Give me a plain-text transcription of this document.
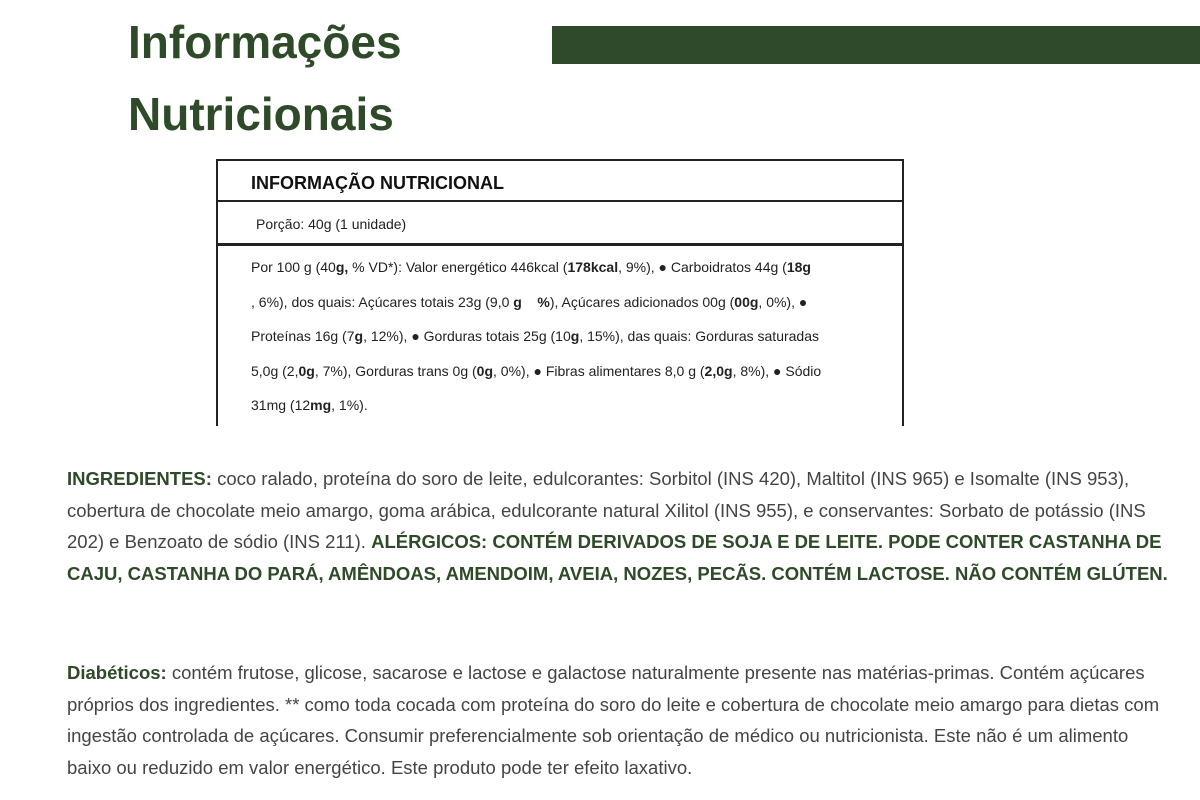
Informações
Nutricionais
INFORMAÇÃO NUTRICIONAL
Porção: 40g (1 unidade)
Por 100 g (40g, % VD*): Valor energético 446kcal (178kcal, 9%), ● Carboidratos 44g (18g
, 6%), dos quais: Açúcares totais 23g (9,0 g %), Açúcares adicionados 00g (00g, 0%), ●
Proteínas 16g (7g, 12%), ● Gorduras totais 25g (10g, 15%), das quais: Gorduras saturadas
5,0g (2,0g, 7%), Gorduras trans 0g (0g, 0%), ● Fibras alimentares 8,0 g (2,0g, 8%), ● Sódio
31mg (12mg, 1%).
INGREDIENTES: coco ralado, proteína do soro de leite, edulcorantes: Sorbitol (INS 420), Maltitol (INS 965) e Isomalte (INS 953), cobertura de chocolate meio amargo, goma arábica, edulcorante natural Xilitol (INS 955), e conservantes: Sorbato de potássio (INS 202) e Benzoato de sódio (INS 211). ALÉRGICOS: CONTÉM DERIVADOS DE SOJA E DE LEITE. PODE CONTER CASTANHA DE CAJU, CASTANHA DO PARÁ, AMÊNDOAS, AMENDOIM, AVEIA, NOZES, PECÃS. CONTÉM LACTOSE. NÃO CONTÉM GLÚTEN.
Diabéticos: contém frutose, glicose, sacarose e lactose e galactose naturalmente presente nas matérias-primas. Contém açúcares próprios dos ingredientes. ** como toda cocada com proteína do soro do leite e cobertura de chocolate meio amargo para dietas com ingestão controlada de açúcares. Consumir preferencialmente sob orientação de médico ou nutricionista. Este não é um alimento baixo ou reduzido em valor energético. Este produto pode ter efeito laxativo.
